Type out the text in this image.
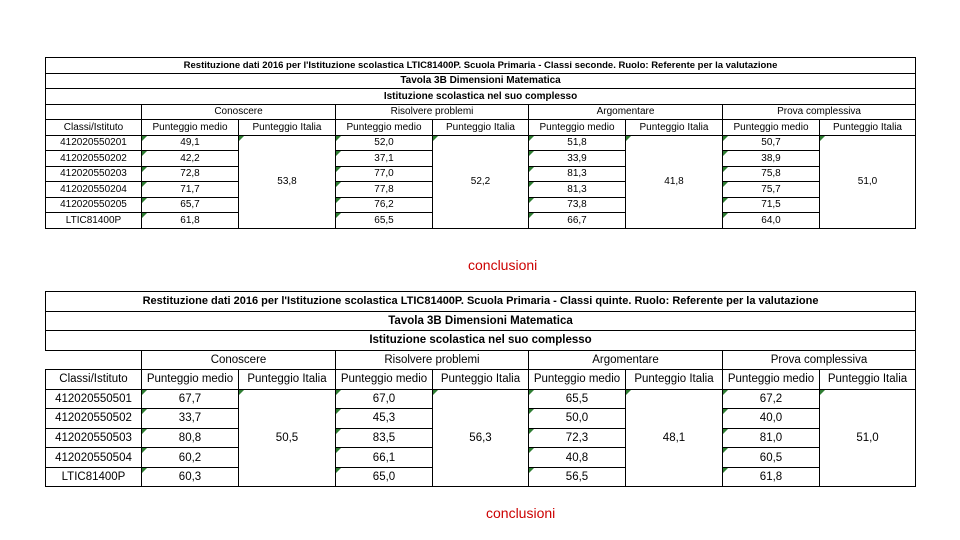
Restituzione dati 2016 per l'Istituzione scolastica LTIC81400P. Scuola Primaria - Classi seconde. Ruolo: Referente per la valutazione								
Tavola 3B Dimensioni Matematica								
Istituzione scolastica nel suo complesso								
	Conoscere		Risolvere problemi		Argomentare		Prova complessiva	
Classi/Istituto	Punteggio medio	Punteggio Italia	Punteggio medio	Punteggio Italia	Punteggio medio	Punteggio Italia	Punteggio medio	Punteggio Italia
412020550201	49,1	53,8	52,0	52,2	51,8	41,8	50,7	51,0
412020550202	42,2		37,1		33,9		38,9	
412020550203	72,8		77,0		81,3		75,8	
412020550204	71,7		77,8		81,3		75,7	
412020550205	65,7		76,2		73,8		71,5	
LTIC81400P	61,8		65,5		66,7		64,0	
conclusioni
Restituzione dati 2016 per l'Istituzione scolastica LTIC81400P. Scuola Primaria - Classi quinte. Ruolo: Referente per la valutazione								
Tavola 3B Dimensioni Matematica								
Istituzione scolastica nel suo complesso								
	Conoscere		Risolvere problemi		Argomentare		Prova complessiva	
Classi/Istituto	Punteggio medio	Punteggio Italia	Punteggio medio	Punteggio Italia	Punteggio medio	Punteggio Italia	Punteggio medio	Punteggio Italia
412020550501	67,7	50,5	67,0	56,3	65,5	48,1	67,2	51,0
412020550502	33,7		45,3		50,0		40,0	
412020550503	80,8		83,5		72,3		81,0	
412020550504	60,2		66,1		40,8		60,5	
LTIC81400P	60,3		65,0		56,5		61,8	
conclusioni
